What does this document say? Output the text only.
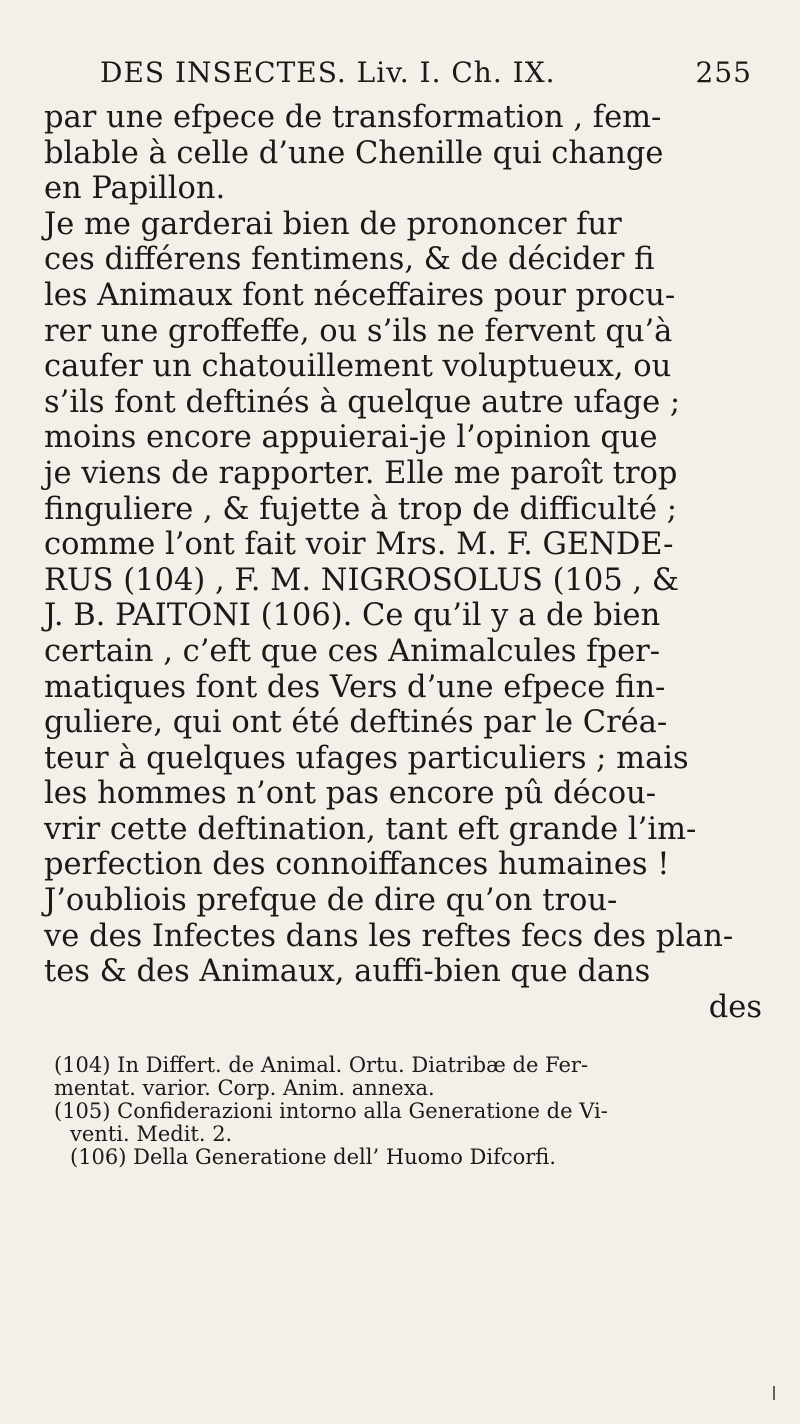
DES INSECTES. Liv. I. Ch. IX.	255
par une efpece de transformation , fem-
blable à celle d’une Chenille qui change
en Papillon.
Je me garderai bien de prononcer fur
ces différens fentimens, & de décider fi
les Animaux font néceffaires pour procu-
rer une groffeffe, ou s’ils ne fervent qu’à
caufer un chatouillement voluptueux, ou
s’ils font deftinés à quelque autre ufage ;
moins encore appuierai-je l’opinion que
je viens de rapporter. Elle me paroît trop
finguliere , & fujette à trop de difficulté ;
comme l’ont fait voir Mrs. M. F. GENDE-
RUS (104) , F. M. NIGROSOLUS (105 , &
J. B. PAITONI (106). Ce qu’il y a de bien
certain , c’eft que ces Animalcules fper-
matiques font des Vers d’une efpece fin-
guliere, qui ont été deftinés par le Créa-
teur à quelques ufages particuliers ; mais
les hommes n’ont pas encore pû décou-
vrir cette deftination, tant eft grande l’im-
perfection des connoiffances humaines !
J’oubliois prefque de dire qu’on trou-
ve des Infectes dans les reftes fecs des plan-
tes & des Animaux, auffi-bien que dans
des
(104) In Differt. de Animal. Ortu. Diatribæ de Fer-
mentat. varior. Corp. Anim. annexa.
(105) Confiderazioni intorno alla Generatione de Vi-
venti. Medit. 2.
(106) Della Generatione dell’ Huomo Difcorfi.
